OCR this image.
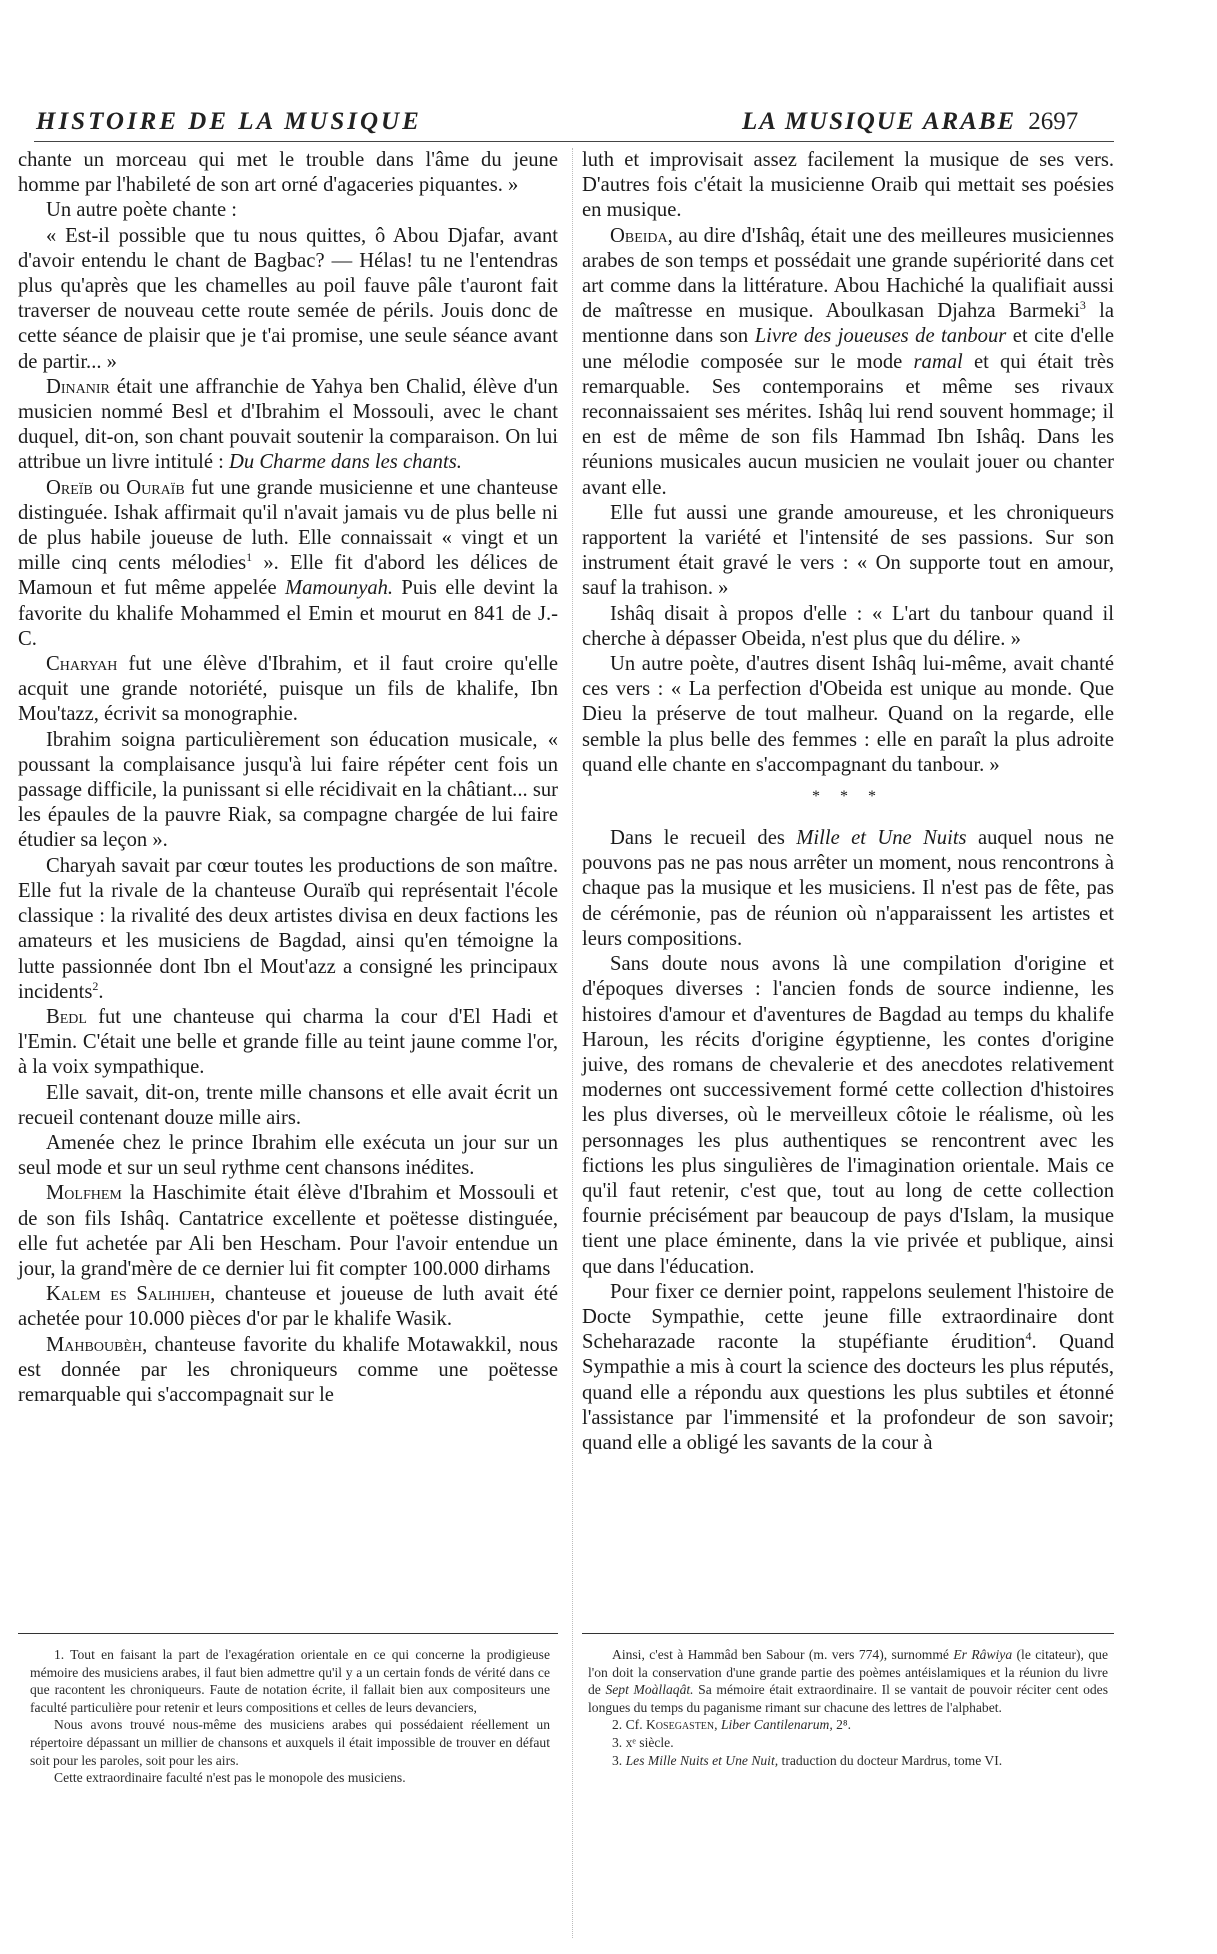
HISTOIRE DE LA MUSIQUE	LA MUSIQUE ARABE 2697

chante un morceau qui met le trouble dans l'âme du jeune homme par l'habileté de son art orné d'agaceries piquantes. »

Un autre poète chante :

« Est-il possible que tu nous quittes, ô Abou Djafar, avant d'avoir entendu le chant de Bagbac? — Hélas! tu ne l'entendras plus qu'après que les chamelles au poil fauve pâle t'auront fait traverser de nouveau cette route semée de périls. Jouis donc de cette séance de plaisir que je t'ai promise, une seule séance avant de partir... »

Dinanir était une affranchie de Yahya ben Chalid, élève d'un musicien nommé Besl et d'Ibrahim el Mossouli, avec le chant duquel, dit-on, son chant pouvait soutenir la comparaison. On lui attribue un livre intitulé : Du Charme dans les chants.

Oreïb ou Ouraïb fut une grande musicienne et une chanteuse distinguée. Ishak affirmait qu'il n'avait jamais vu de plus belle ni de plus habile joueuse de luth. Elle connaissait « vingt et un mille cinq cents mélodies$^1$ ». Elle fit d'abord les délices de Mamoun et fut même appelée Mamounyah. Puis elle devint la favorite du khalife Mohammed el Emin et mourut en 841 de J.-C.

Charyah fut une élève d'Ibrahim, et il faut croire qu'elle acquit une grande notoriété, puisque un fils de khalife, Ibn Mou'tazz, écrivit sa monographie.

Ibrahim soigna particulièrement son éducation musicale, « poussant la complaisance jusqu'à lui faire répéter cent fois un passage difficile, la punissant si elle récidivait en la châtiant... sur les épaules de la pauvre Riak, sa compagne chargée de lui faire étudier sa leçon ».

Charyah savait par cœur toutes les productions de son maître. Elle fut la rivale de la chanteuse Ouraïb qui représentait l'école classique : la rivalité des deux artistes divisa en deux factions les amateurs et les musiciens de Bagdad, ainsi qu'en témoigne la lutte passionnée dont Ibn el Mout'azz a consigné les principaux incidents$^2$.

Bedl fut une chanteuse qui charma la cour d'El Hadi et l'Emin. C'était une belle et grande fille au teint jaune comme l'or, à la voix sympathique.

Elle savait, dit-on, trente mille chansons et elle avait écrit un recueil contenant douze mille airs.

Amenée chez le prince Ibrahim elle exécuta un jour sur un seul mode et sur un seul rythme cent chansons inédites.

Molfhem la Haschimite était élève d'Ibrahim et Mossouli et de son fils Ishâq. Cantatrice excellente et poëtesse distinguée, elle fut achetée par Ali ben Hescham. Pour l'avoir entendue un jour, la grand'mère de ce dernier lui fit compter 100.000 dirhams

Kalem es Salihijeh, chanteuse et joueuse de luth avait été achetée pour 10.000 pièces d'or par le khalife Wasik.

Mahboubèh, chanteuse favorite du khalife Motawakkil, nous est donnée par les chroniqueurs comme une poëtesse remarquable qui s'accompagnait sur le

luth et improvisait assez facilement la musique de ses vers. D'autres fois c'était la musicienne Oraib qui mettait ses poésies en musique.

Obeida, au dire d'Ishâq, était une des meilleures musiciennes arabes de son temps et possédait une grande supériorité dans cet art comme dans la littérature. Abou Hachiché la qualifiait aussi de maîtresse en musique. Aboulkasan Djahza Barmeki$^3$ la mentionne dans son Livre des joueuses de tanbour et cite d'elle une mélodie composée sur le mode ramal et qui était très remarquable. Ses contemporains et même ses rivaux reconnaissaient ses mérites. Ishâq lui rend souvent hommage; il en est de même de son fils Hammad Ibn Ishâq. Dans les réunions musicales aucun musicien ne voulait jouer ou chanter avant elle.

Elle fut aussi une grande amoureuse, et les chroniqueurs rapportent la variété et l'intensité de ses passions. Sur son instrument était gravé le vers : « On supporte tout en amour, sauf la trahison. »

Ishâq disait à propos d'elle : « L'art du tanbour quand il cherche à dépasser Obeida, n'est plus que du délire. »

Un autre poète, d'autres disent Ishâq lui-même, avait chanté ces vers : « La perfection d'Obeida est unique au monde. Que Dieu la préserve de tout malheur. Quand on la regarde, elle semble la plus belle des femmes : elle en paraît la plus adroite quand elle chante en s'accompagnant du tanbour. »

* * *

Dans le recueil des Mille et Une Nuits auquel nous ne pouvons pas ne pas nous arrêter un moment, nous rencontrons à chaque pas la musique et les musiciens. Il n'est pas de fête, pas de cérémonie, pas de réunion où n'apparaissent les artistes et leurs compositions.

Sans doute nous avons là une compilation d'origine et d'époques diverses : l'ancien fonds de source indienne, les histoires d'amour et d'aventures de Bagdad au temps du khalife Haroun, les récits d'origine égyptienne, les contes d'origine juive, des romans de chevalerie et des anecdotes relativement modernes ont successivement formé cette collection d'histoires les plus diverses, où le merveilleux côtoie le réalisme, où les personnages les plus authentiques se rencontrent avec les fictions les plus singulières de l'imagination orientale. Mais ce qu'il faut retenir, c'est que, tout au long de cette collection fournie précisément par beaucoup de pays d'Islam, la musique tient une place éminente, dans la vie privée et publique, ainsi que dans l'éducation.

Pour fixer ce dernier point, rappelons seulement l'histoire de Docte Sympathie, cette jeune fille extraordinaire dont Scheharazade raconte la stupéfiante érudition$^4$. Quand Sympathie a mis à court la science des docteurs les plus réputés, quand elle a répondu aux questions les plus subtiles et étonné l'assistance par l'immensité et la profondeur de son savoir; quand elle a obligé les savants de la cour à

1. Tout en faisant la part de l'exagération orientale en ce qui concerne la prodigieuse mémoire des musiciens arabes, il faut bien admettre qu'il y a un certain fonds de vérité dans ce que racontent les chroniqueurs. Faute de notation écrite, il fallait bien aux compositeurs une faculté particulière pour retenir et leurs compositions et celles de leurs devanciers,

Nous avons trouvé nous-même des musiciens arabes qui possédaient réellement un répertoire dépassant un millier de chansons et auxquels il était impossible de trouver en défaut soit pour les paroles, soit pour les airs.

Cette extraordinaire faculté n'est pas le monopole des musiciens.

Ainsi, c'est à Hammâd ben Sabour (m. vers 774), surnommé Er Râwiya (le citateur), que l'on doit la conservation d'une grande partie des poèmes antéislamiques et la réunion du livre de Sept Moàllaqât. Sa mémoire était extraordinaire. Il se vantait de pouvoir réciter cent odes longues du temps du paganisme rimant sur chacune des lettres de l'alphabet.

2. Cf. Kosegasten, Liber Cantilenarum, 2⁸.

3. xᵉ siècle.

3. Les Mille Nuits et Une Nuit, traduction du docteur Mardrus, tome VI.
